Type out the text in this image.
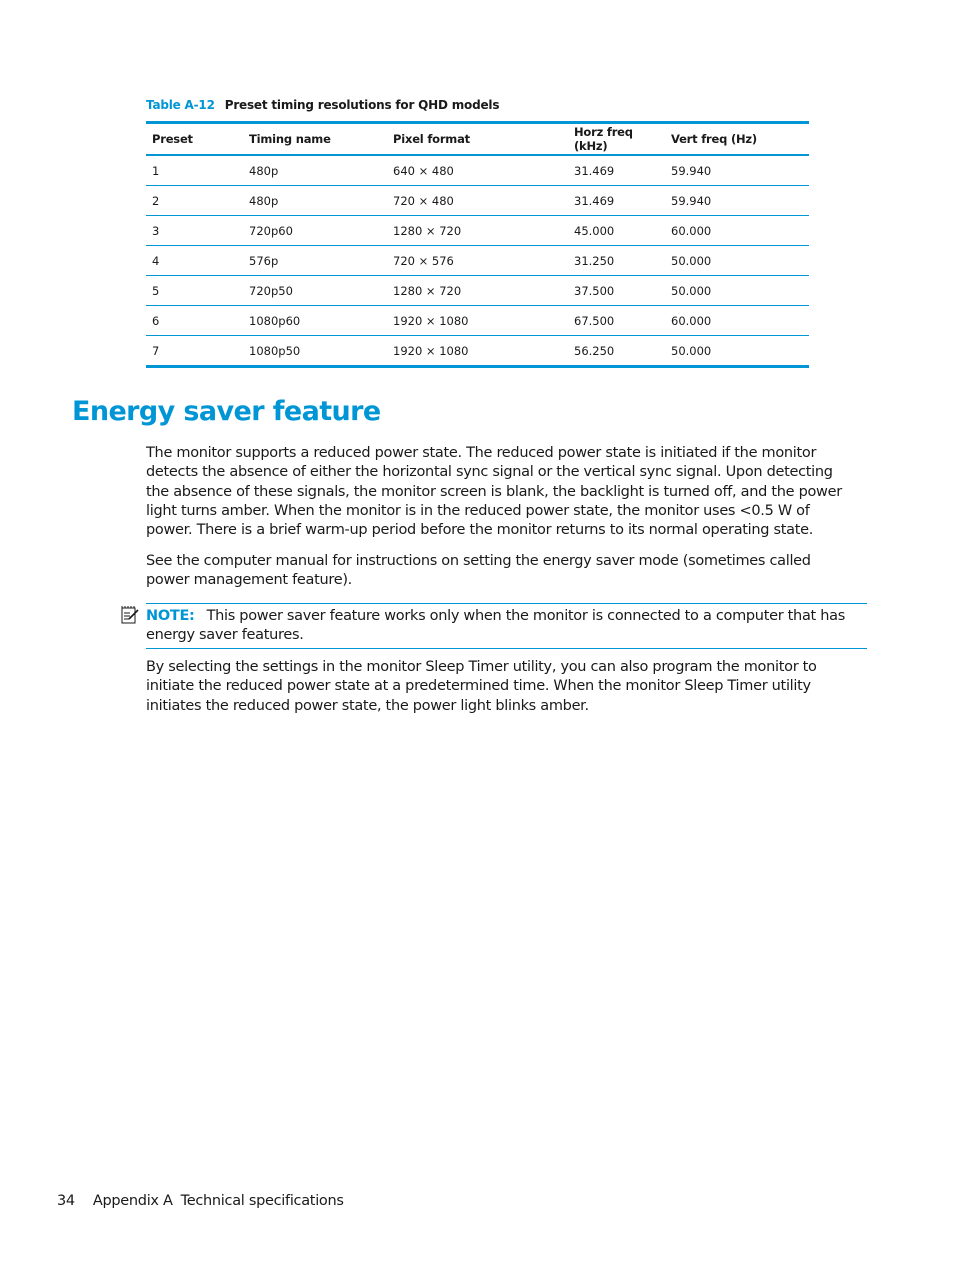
Table A-12 Preset timing resolutions for QHD models
Preset	Timing name	Pixel format	Horz freq (kHz)	Vert freq (Hz)
1	480p	640 × 480	31.469	59.940
2	480p	720 × 480	31.469	59.940
3	720p60	1280 × 720	45.000	60.000
4	576p	720 × 576	31.250	50.000
5	720p50	1280 × 720	37.500	50.000
6	1080p60	1920 × 1080	67.500	60.000
7	1080p50	1920 × 1080	56.250	50.000
Energy saver feature

The monitor supports a reduced power state. The reduced power state is initiated if the monitor detects the absence of either the horizontal sync signal or the vertical sync signal. Upon detecting the absence of these signals, the monitor screen is blank, the backlight is turned off, and the power light turns amber. When the monitor is in the reduced power state, the monitor uses <0.5 W of power. There is a brief warm-up period before the monitor returns to its normal operating state.

See the computer manual for instructions on setting the energy saver mode (sometimes called power management feature).

NOTE: This power saver feature works only when the monitor is connected to a computer that has energy saver features.

By selecting the settings in the monitor Sleep Timer utility, you can also program the monitor to initiate the reduced power state at a predetermined time. When the monitor Sleep Timer utility initiates the reduced power state, the power light blinks amber.

34 Appendix A Technical specifications
